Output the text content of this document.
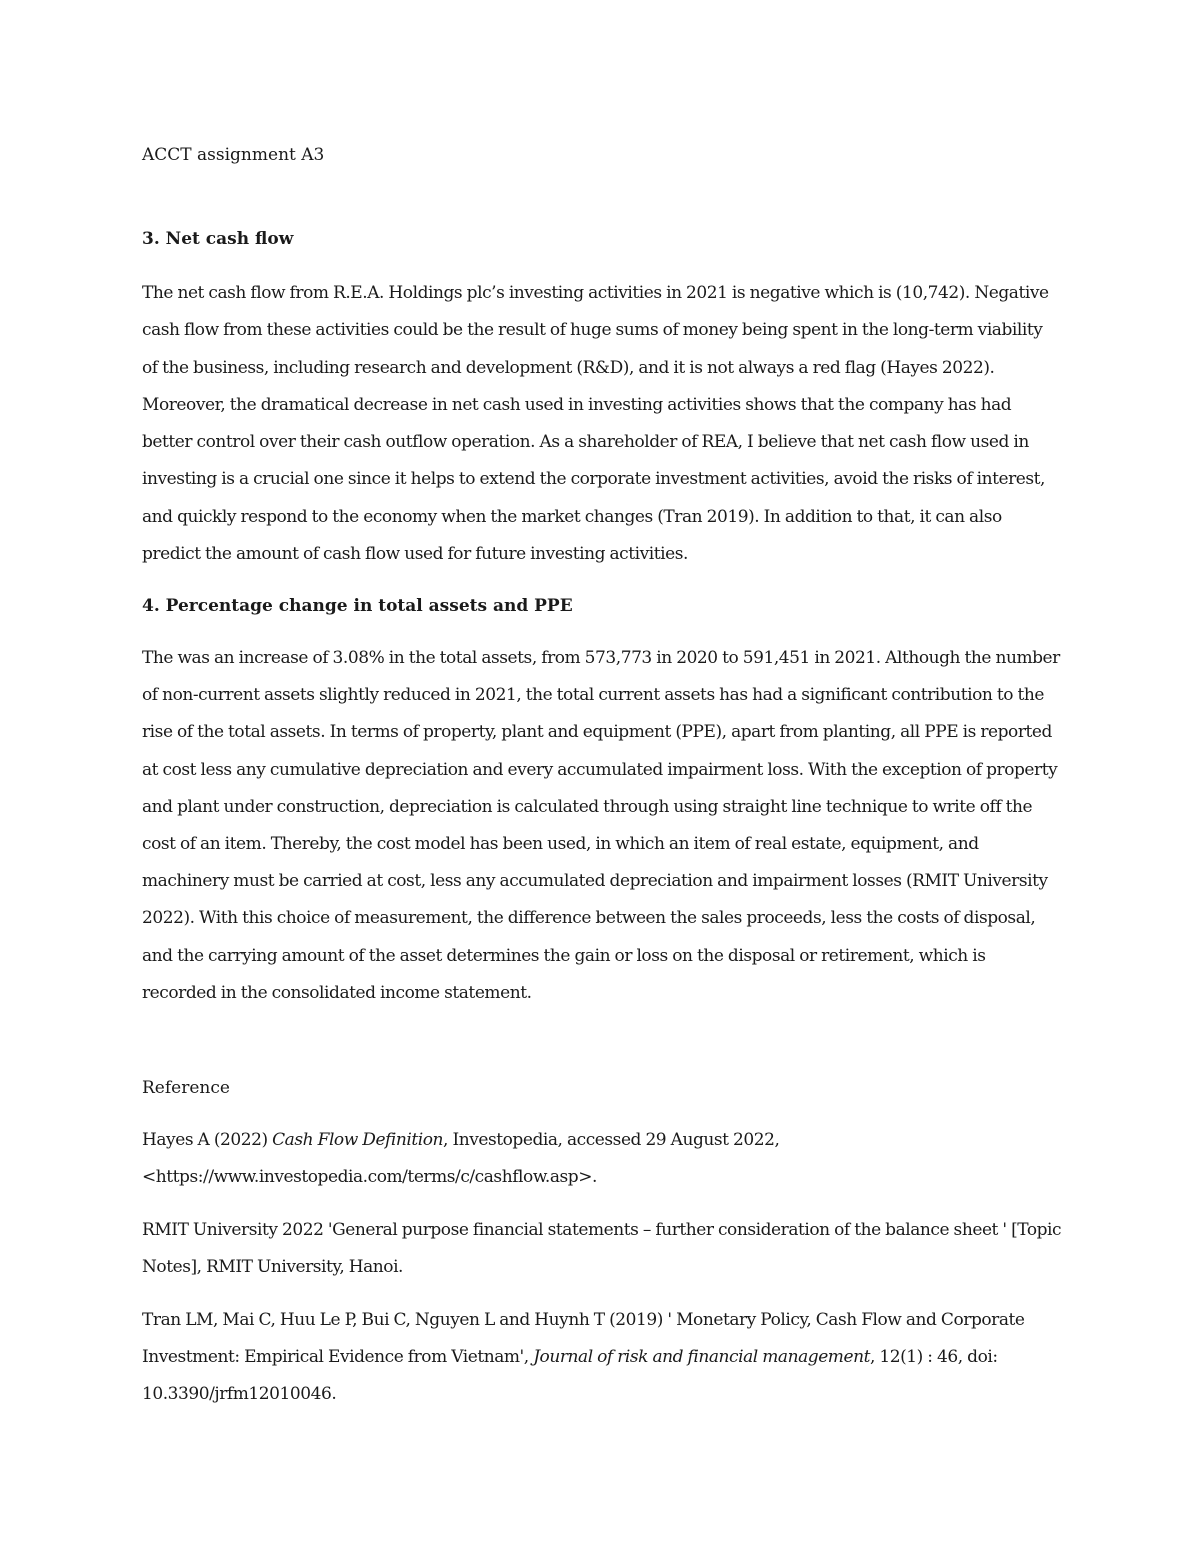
ACCT assignment A3
3. Net cash flow

The net cash flow from R.E.A. Holdings plc’s investing activities in 2021 is negative which is (10,742). Negative cash flow from these activities could be the result of huge sums of money being spent in the long-term viability of the business, including research and development (R&D), and it is not always a red flag (Hayes 2022). Moreover, the dramatical decrease in net cash used in investing activities shows that the company has had better control over their cash outflow operation. As a shareholder of REA, I believe that net cash flow used in investing is a crucial one since it helps to extend the corporate investment activities, avoid the risks of interest, and quickly respond to the economy when the market changes (Tran 2019). In addition to that, it can also predict the amount of cash flow used for future investing activities.

4. Percentage change in total assets and PPE

The was an increase of 3.08% in the total assets, from 573,773 in 2020 to 591,451 in 2021. Although the number of non-current assets slightly reduced in 2021, the total current assets has had a significant contribution to the rise of the total assets. In terms of property, plant and equipment (PPE), apart from planting, all PPE is reported at cost less any cumulative depreciation and every accumulated impairment loss. With the exception of property and plant under construction, depreciation is calculated through using straight line technique to write off the cost of an item. Thereby, the cost model has been used, in which an item of real estate, equipment, and machinery must be carried at cost, less any accumulated depreciation and impairment losses (RMIT University 2022). With this choice of measurement, the difference between the sales proceeds, less the costs of disposal, and the carrying amount of the asset determines the gain or loss on the disposal or retirement, which is recorded in the consolidated income statement.

Reference

Hayes A (2022) Cash Flow Definition, Investopedia, accessed 29 August 2022, <https://www.investopedia.com/terms/c/cashflow.asp>.

RMIT University 2022 'General purpose financial statements – further consideration of the balance sheet ' [Topic Notes], RMIT University, Hanoi.

Tran LM, Mai C, Huu Le P, Bui C, Nguyen L and Huynh T (2019) ' Monetary Policy, Cash Flow and Corporate Investment: Empirical Evidence from Vietnam', Journal of risk and financial management, 12(1) : 46, doi: 10.3390/jrfm12010046.
